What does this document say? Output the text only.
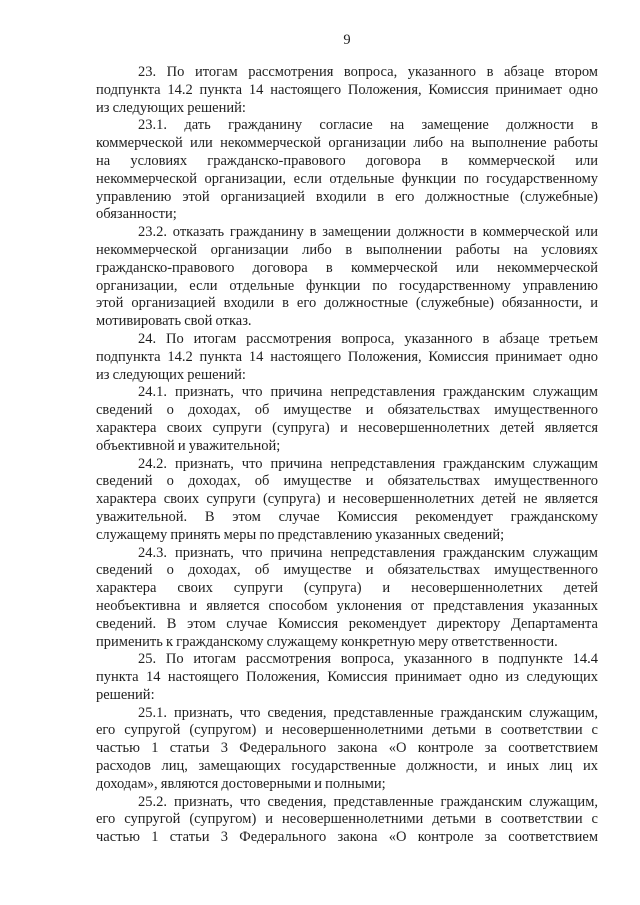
9
23. По итогам рассмотрения вопроса, указанного в абзаце втором
подпункта 14.2 пункта 14 настоящего Положения, Комиссия принимает одно
из следующих решений:
23.1. дать гражданину согласие на замещение должности в
коммерческой или некоммерческой организации либо на выполнение работы
на условиях гражданско-правового договора в коммерческой или
некоммерческой организации, если отдельные функции по государственному
управлению этой организацией входили в его должностные (служебные)
обязанности;
23.2. отказать гражданину в замещении должности в коммерческой или
некоммерческой организации либо в выполнении работы на условиях
гражданско-правового договора в коммерческой или некоммерческой
организации, если отдельные функции по государственному управлению
этой организацией входили в его должностные (служебные) обязанности, и
мотивировать свой отказ.
24. По итогам рассмотрения вопроса, указанного в абзаце третьем
подпункта 14.2 пункта 14 настоящего Положения, Комиссия принимает одно
из следующих решений:
24.1. признать, что причина непредставления гражданским служащим
сведений о доходах, об имуществе и обязательствах имущественного
характера своих супруги (супруга) и несовершеннолетних детей является
объективной и уважительной;
24.2. признать, что причина непредставления гражданским служащим
сведений о доходах, об имуществе и обязательствах имущественного
характера своих супруги (супруга) и несовершеннолетних детей не является
уважительной. В этом случае Комиссия рекомендует гражданскому
служащему принять меры по представлению указанных сведений;
24.3. признать, что причина непредставления гражданским служащим
сведений о доходах, об имуществе и обязательствах имущественного
характера своих супруги (супруга) и несовершеннолетних детей
необъективна и является способом уклонения от представления указанных
сведений. В этом случае Комиссия рекомендует директору Департамента
применить к гражданскому служащему конкретную меру ответственности.
25. По итогам рассмотрения вопроса, указанного в подпункте 14.4
пункта 14 настоящего Положения, Комиссия принимает одно из следующих
решений:
25.1. признать, что сведения, представленные гражданским служащим,
его супругой (супругом) и несовершеннолетними детьми в соответствии с
частью 1 статьи 3 Федерального закона «О контроле за соответствием
расходов лиц, замещающих государственные должности, и иных лиц их
доходам», являются достоверными и полными;
25.2. признать, что сведения, представленные гражданским служащим,
его супругой (супругом) и несовершеннолетними детьми в соответствии с
частью 1 статьи 3 Федерального закона «О контроле за соответствием
